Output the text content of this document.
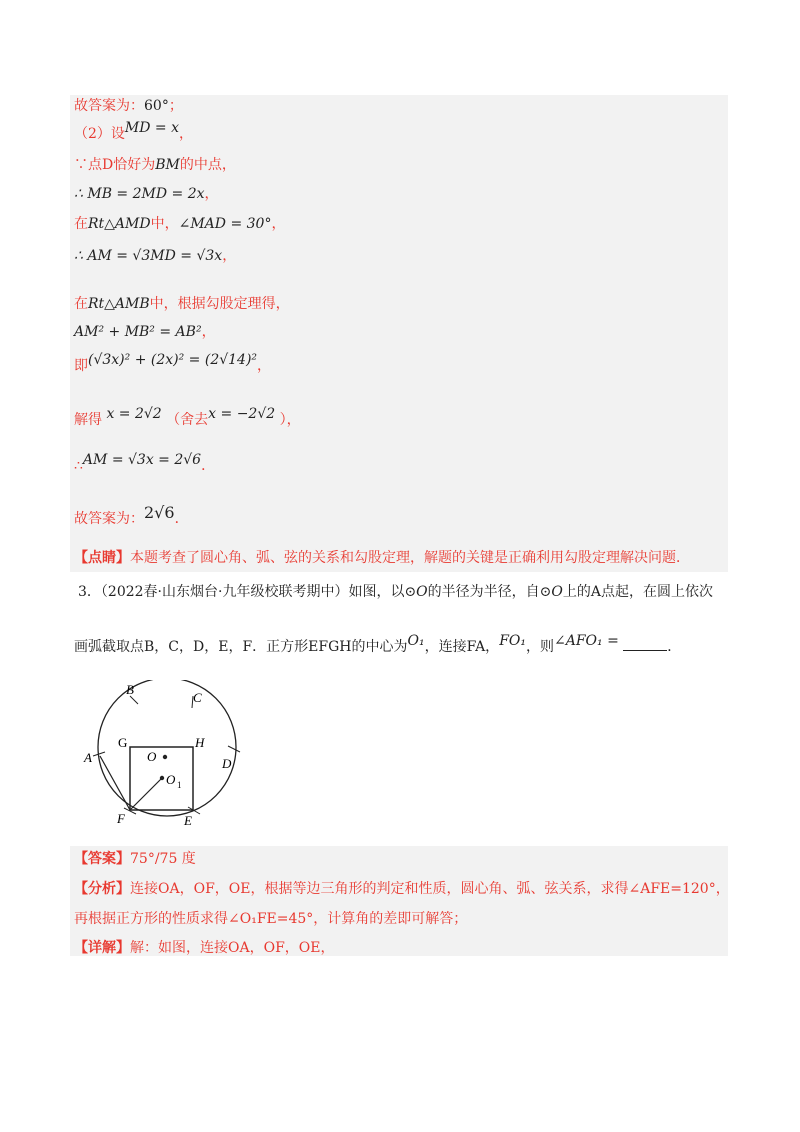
故答案为：60°；
（2）设MD = x，
∵点D恰好为BM的中点，
∴ MB = 2MD = 2x，
在Rt△AMD中，∠MAD = 30°，
∴ AM = √3MD = √3x，
在Rt△AMB中，根据勾股定理得，
AM² + MB² = AB²，
即(√3x)² + (2x)² = (2√14)²，
解得 x = 2√2 （舍去x = −2√2 ），
∴AM = √3x = 2√6．
故答案为：2√6．
【点睛】本题考查了圆心角、弧、弦的关系和勾股定理，解题的关键是正确利用勾股定理解决问题．
3．（2022春·山东烟台·九年级校联考期中）如图，以⊙O的半径为半径，自⊙O上的A点起，在圆上依次
画弧截取点B，C，D，E，F．正方形EFGH的中心为O₁，连接FA，FO₁，则∠AFO₁ =	．
B
C
A
G
O
H
D
O 1
F	E
【答案】75°/75 度
【分析】连接OA，OF，OE，根据等边三角形的判定和性质，圆心角、弧、弦关系，求得∠AFE=120°，
再根据正方形的性质求得∠O₁FE=45°，计算角的差即可解答；
【详解】解：如图，连接OA，OF，OE，
